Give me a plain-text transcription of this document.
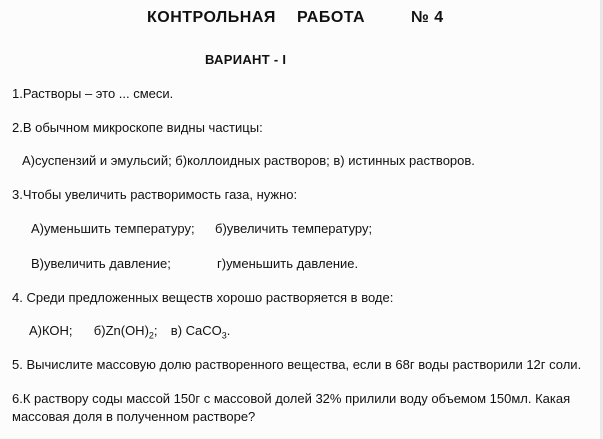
КОНТРОЛЬНАЯ РАБОТА	№ 4
ВАРИАНТ - I
1.Растворы – это ... смеси.
2.В обычном микроскопе видны частицы:
А)суспензий и эмульсий; б)коллоидных растворов; в) истинных растворов.
3.Чтобы увеличить растворимость газа, нужно:
А)уменьшить температуру; б)увеличить температуру;
В)увеличить давление;	г)уменьшить давление.
4. Среди предложенных веществ хорошо растворяется в воде:
А)КОН; $б)Zn(OH)_2$; в) CaCO$_3$.
5. Вычислите массовую долю растворенного вещества, если в 68г воды растворили 12г соли.
6.К раствору соды массой 150г с массовой долей 32% прилили воду объемом 150мл. Какая
массовая доля в полученном растворе?
